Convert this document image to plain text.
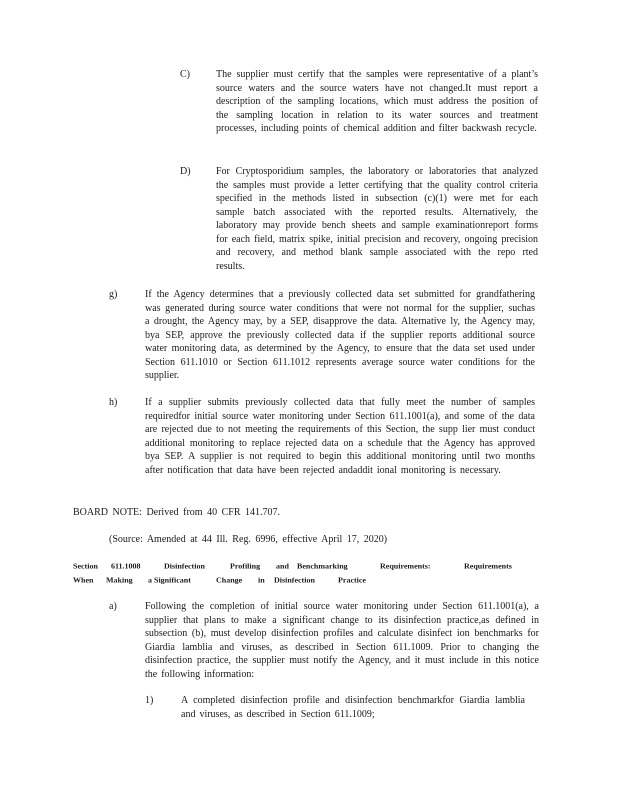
C)	The supplier must certify that the samples were representative of a plant’s source waters and the source waters have not changed.It must report a description of the sampling locations, which must address the position of the sampling location in relation to its water sources and treatment processes, including points of chemical addition and filter backwash recycle.
D)	For Cryptosporidium samples, the laboratory or laboratories that analyzed the samples must provide a letter certifying that the quality control criteria specified in the methods listed in subsection (c)(1) were met for each sample batch associated with the reported results. Alternatively, the laboratory may provide bench sheets and sample examinationreport forms for each field, matrix spike, initial precision and recovery, ongoing precision and recovery, and method blank sample associated with the repo rted results.
g)	If the Agency determines that a previously collected data set submitted for grandfathering was generated during source water conditions that were not normal for the supplier, suchas a drought, the Agency may, by a SEP, disapprove the data. Alternative ly, the Agency may, bya SEP, approve the previously collected data if the supplier reports additional source water monitoring data, as determined by the Agency, to ensure that the data set used under Section 611.1010 or Section 611.1012 represents average source water conditions for the supplier.
h)	If a supplier submits previously collected data that fully meet the number of samples requiredfor initial source water monitoring under Section 611.1001(a), and some of the data are rejected due to not meeting the requirements of this Section, the supp lier must conduct additional monitoring to replace rejected data on a schedule that the Agency has approved bya SEP. A supplier is not required to begin this additional monitoring until two months after notification that data have been rejected andaddit ional monitoring is necessary.
BOARD NOTE: Derived from 40 CFR 141.707.
(Source: Amended at 44 Ill. Reg. 6996, effective April 17, 2020)
Section 611.1008	Disinfection	Profiling and Benchmarking	Requirements:	Requirements
When Making a Significant	Change in Disinfection	Practice
a)	Following the completion of initial source water monitoring under Section 611.1001(a), a supplier that plans to make a significant change to its disinfection practice,as defined in subsection (b), must develop disinfection profiles and calculate disinfect ion benchmarks for Giardia lamblia and viruses, as described in Section 611.1009. Prior to changing the disinfection practice, the supplier must notify the Agency, and it must include in this notice the following information:
1)	A completed disinfection profile and disinfection benchmarkfor Giardia lamblia and viruses, as described in Section 611.1009;
